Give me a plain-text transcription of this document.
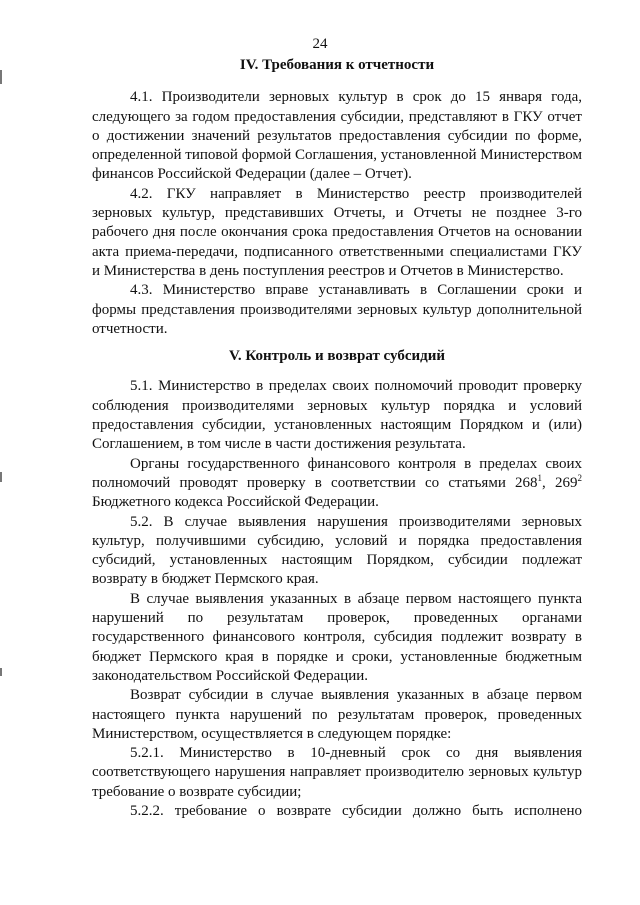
24

IV. Требования к отчетности

4.1. Производители зерновых культур в срок до 15 января года, следующего за годом предоставления субсидии, представляют в ГКУ отчет о достижении значений результатов предоставления субсидии по форме, определенной типовой формой Соглашения, установленной Министерством финансов Российской Федерации (далее – Отчет).

4.2. ГКУ направляет в Министерство реестр производителей зерновых культур, представивших Отчеты, и Отчеты не позднее 3-го рабочего дня после окончания срока предоставления Отчетов на основании акта приема-передачи, подписанного ответственными специалистами ГКУ и Министерства в день поступления реестров и Отчетов в Министерство.

4.3. Министерство вправе устанавливать в Соглашении сроки и формы представления производителями зерновых культур дополнительной отчетности.

V. Контроль и возврат субсидий

5.1. Министерство в пределах своих полномочий проводит проверку соблюдения производителями зерновых культур порядка и условий предоставления субсидии, установленных настоящим Порядком и (или) Соглашением, в том числе в части достижения результата.

Органы государственного финансового контроля в пределах своих полномочий проводят проверку в соответствии со статьями $268^1$, $269^2$ Бюджетного кодекса Российской Федерации.

5.2. В случае выявления нарушения производителями зерновых культур, получившими субсидию, условий и порядка предоставления субсидий, установленных настоящим Порядком, субсидии подлежат возврату в бюджет Пермского края.

В случае выявления указанных в абзаце первом настоящего пункта нарушений по результатам проверок, проведенных органами государственного финансового контроля, субсидия подлежит возврату в бюджет Пермского края в порядке и сроки, установленные бюджетным законодательством Российской Федерации.

Возврат субсидии в случае выявления указанных в абзаце первом настоящего пункта нарушений по результатам проверок, проведенных Министерством, осуществляется в следующем порядке:

5.2.1. Министерство в 10-дневный срок со дня выявления соответствующего нарушения направляет производителю зерновых культур требование о возврате субсидии;

5.2.2. требование о возврате субсидии должно быть исполнено
